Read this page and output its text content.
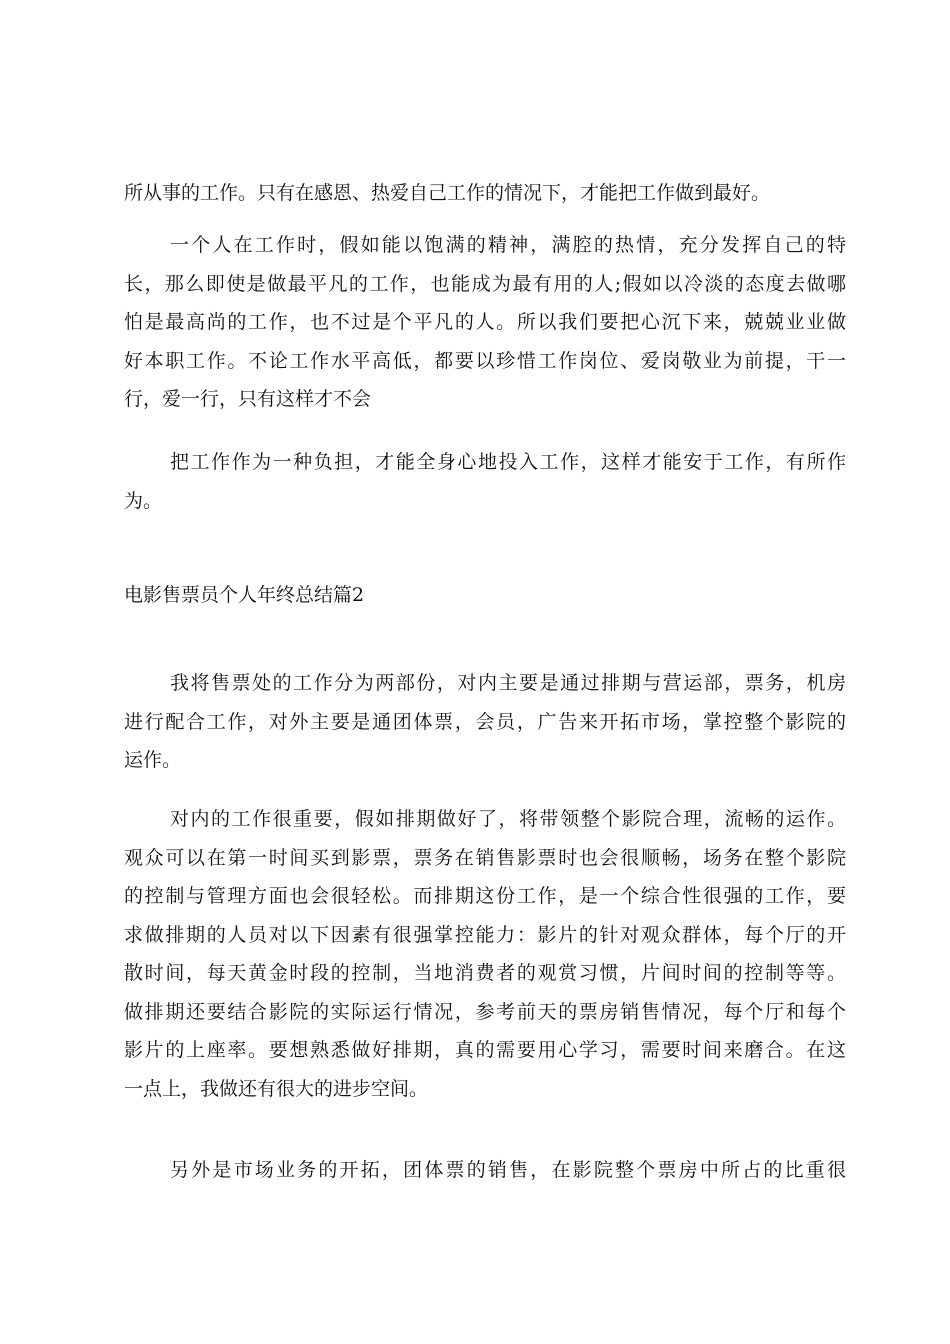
所从事的工作。只有在感恩、热爱自己工作的情况下，才能把工作做到最好。
一个人在工作时，假如能以饱满的精神，满腔的热情，充分发挥自己的特
长，那么即使是做最平凡的工作，也能成为最有用的人;假如以冷淡的态度去做哪
怕是最高尚的工作，也不过是个平凡的人。所以我们要把心沉下来，兢兢业业做
好本职工作。不论工作水平高低，都要以珍惜工作岗位、爱岗敬业为前提，干一
行，爱一行，只有这样才不会
把工作作为一种负担，才能全身心地投入工作，这样才能安于工作，有所作
为。
电影售票员个人年终总结篇2
我将售票处的工作分为两部份，对内主要是通过排期与营运部，票务，机房
进行配合工作，对外主要是通团体票，会员，广告来开拓市场，掌控整个影院的
运作。
对内的工作很重要，假如排期做好了，将带领整个影院合理，流畅的运作。
观众可以在第一时间买到影票，票务在销售影票时也会很顺畅，场务在整个影院
的控制与管理方面也会很轻松。而排期这份工作，是一个综合性很强的工作，要
求做排期的人员对以下因素有很强掌控能力：影片的针对观众群体，每个厅的开
散时间，每天黄金时段的控制，当地消费者的观赏习惯，片间时间的控制等等。
做排期还要结合影院的实际运行情况，参考前天的票房销售情况，每个厅和每个
影片的上座率。要想熟悉做好排期，真的需要用心学习，需要时间来磨合。在这
一点上，我做还有很大的进步空间。
另外是市场业务的开拓，团体票的销售，在影院整个票房中所占的比重很
